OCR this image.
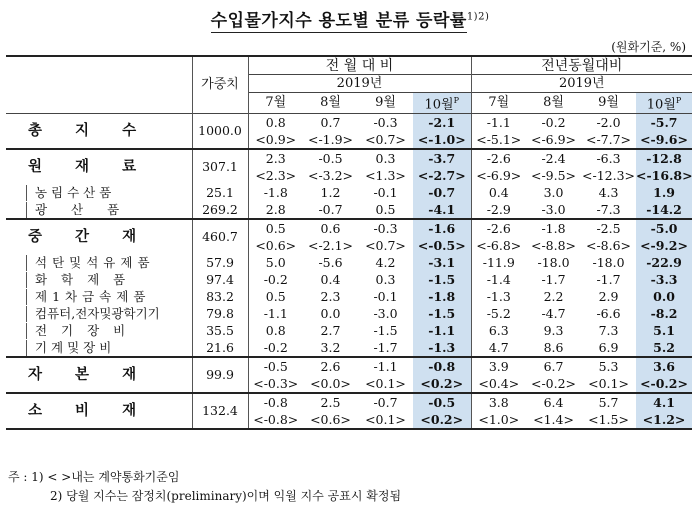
수입물가지수 용도별 분류 등락률$^{1)2)}$
(원화기준, %)
	가중치	전 월 대 비				전년동월대비			
		2019년				2019년			
		7월	8월	9월	10월$^P$	7월	8월	9월	10월$^P$
총 지 수	1000.0	0.8	0.7	-0.3	-2.1	-1.1	-0.2	-2.0	-5.7
		<0.9>	<-1.9>	<0.7>	<-1.0>	<-5.1>	<-6.9>	<-7.7>	<-9.6>
원 재 료	307.1	2.3	-0.5	0.3	-3.7	-2.6	-2.4	-6.3	-12.8
		<2.3>	<-3.2>	<1.3>	<-2.7>	<-6.9>	<-9.5>	<-12.3>	<-16.8>

농 림 수 산 품	25.1	-1.8	1.2	-0.1	-0.7	0.4	3.0	4.3	1.9

광 산 품	269.2	2.8	-0.7	0.5	-4.1	-2.9	-3.0	-7.3	-14.2
중 간 재	460.7	0.5	0.6	-0.3	-1.6	-2.6	-1.8	-2.5	-5.0
		<0.6>	<-2.1>	<0.7>	<-0.5>	<-6.8>	<-8.8>	<-8.6>	<-9.2>

석탄및석유제품	57.9	5.0	-5.6	4.2	-3.1	-11.9	-18.0	-18.0	-22.9

화 학 제 품	97.4	-0.2	0.4	0.3	-1.5	-1.4	-1.7	-1.7	-3.3

제1차금속제품	83.2	0.5	2.3	-0.1	-1.8	-1.3	2.2	2.9	0.0

컴퓨터,전자및광학기기	79.8	-1.1	0.0	-3.0	-1.5	-5.2	-4.7	-6.6	-8.2

전 기 장 비	35.5	0.8	2.7	-1.5	-1.1	6.3	9.3	7.3	5.1

기 계 및 장 비	21.6	-0.2	3.2	-1.7	-1.3	4.7	8.6	6.9	5.2
자 본 재	99.9	-0.5	2.6	-1.1	-0.8	3.9	6.7	5.3	3.6
		<-0.3>	<0.0>	<0.1>	<0.2>	<0.4>	<-0.2>	<0.1>	<-0.2>
소 비 재	132.4	-0.8	2.5	-0.7	-0.5	3.8	6.4	5.7	4.1
		<-0.8>	<0.6>	<0.1>	<0.2>	<1.0>	<1.4>	<1.5>	<1.2>
주 : 1) < >내는 계약통화기준임
2) 당월 지수는 잠정치(preliminary)이며 익월 지수 공표시 확정됨
